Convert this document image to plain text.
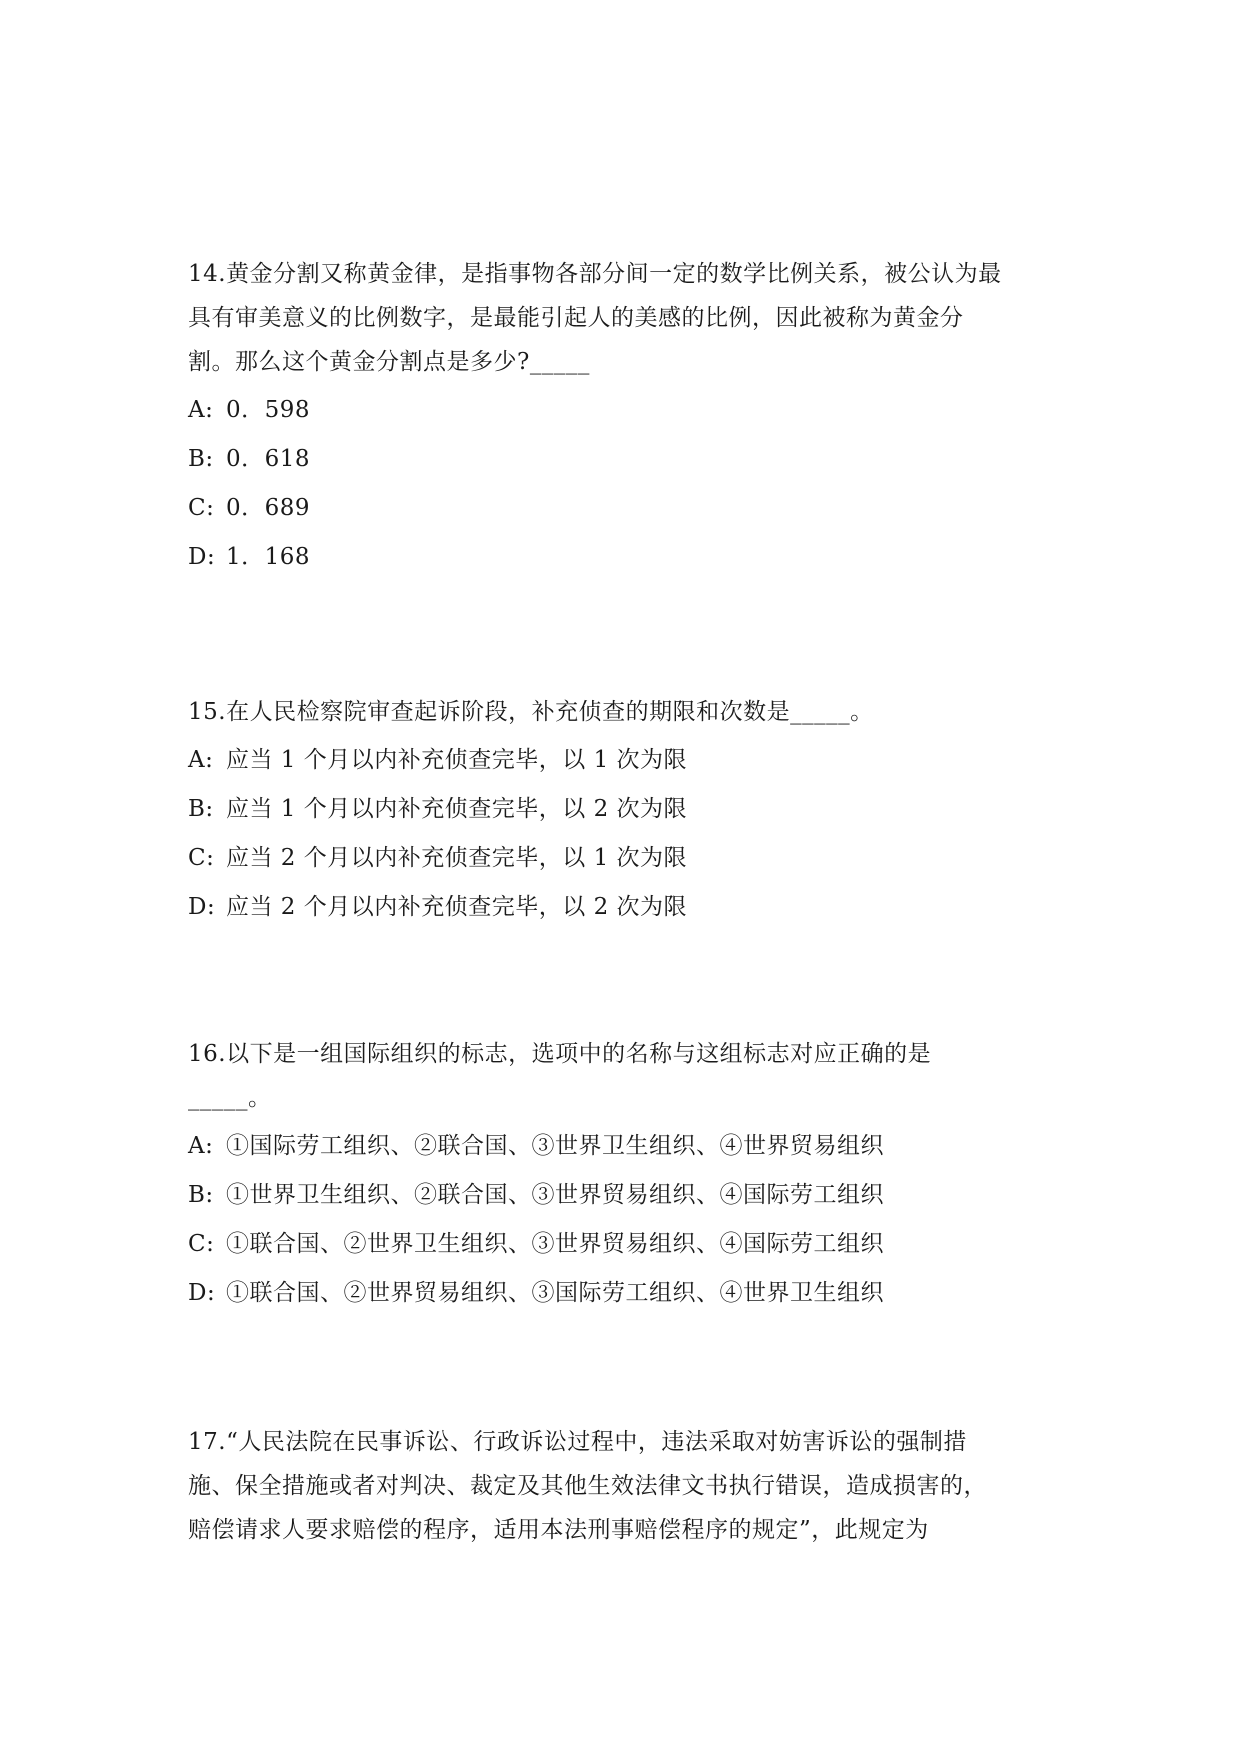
14.黄金分割又称黄金律，是指事物各部分间一定的数学比例关系，被公认为最
具有审美意义的比例数字，是最能引起人的美感的比例，因此被称为黄金分
割。那么这个黄金分割点是多少?_____

A: 0．598
B: 0．618
C: 0．689
D: 1．168

15.在人民检察院审查起诉阶段，补充侦查的期限和次数是_____。

A: 应当 1 个月以内补充侦查完毕，以 1 次为限
B: 应当 1 个月以内补充侦查完毕，以 2 次为限
C: 应当 2 个月以内补充侦查完毕，以 1 次为限
D: 应当 2 个月以内补充侦查完毕，以 2 次为限

16.以下是一组国际组织的标志，选项中的名称与这组标志对应正确的是
_____。

A: ①国际劳工组织、②联合国、③世界卫生组织、④世界贸易组织
B: ①世界卫生组织、②联合国、③世界贸易组织、④国际劳工组织
C: ①联合国、②世界卫生组织、③世界贸易组织、④国际劳工组织
D: ①联合国、②世界贸易组织、③国际劳工组织、④世界卫生组织

17.“人民法院在民事诉讼、行政诉讼过程中，违法采取对妨害诉讼的强制措
施、保全措施或者对判决、裁定及其他生效法律文书执行错误，造成损害的，
赔偿请求人要求赔偿的程序，适用本法刑事赔偿程序的规定”，此规定为
